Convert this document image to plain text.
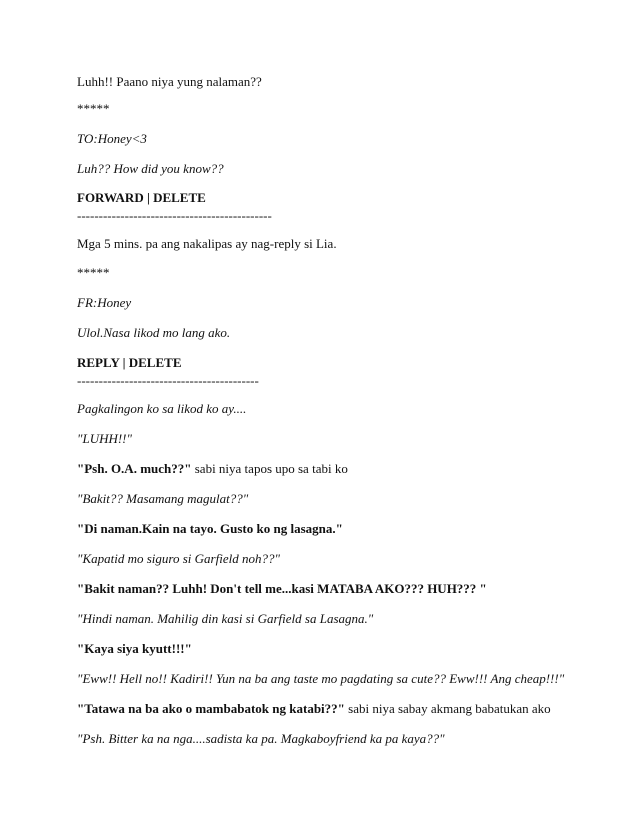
Luhh!! Paano niya yung nalaman??
*****
TO:Honey<3
Luh?? How did you know??
FORWARD | DELETE
---------------------------------------------
Mga 5 mins. pa ang nakalipas ay nag-reply si Lia.
*****
FR:Honey
Ulol.Nasa likod mo lang ako.
REPLY | DELETE
------------------------------------------
Pagkalingon ko sa likod ko ay....
"LUHH!!"
"Psh. O.A. much??" sabi niya tapos upo sa tabi ko
"Bakit?? Masamang magulat??"
"Di naman.Kain na tayo. Gusto ko ng lasagna."
"Kapatid mo siguro si Garfield noh??"
"Bakit naman?? Luhh! Don't tell me...kasi MATABA AKO??? HUH??? "
"Hindi naman. Mahilig din kasi si Garfield sa Lasagna."
"Kaya siya kyutt!!!"
"Eww!! Hell no!! Kadiri!! Yun na ba ang taste mo pagdating sa cute?? Eww!!! Ang cheap!!!"
"Tatawa na ba ako o mambabatok ng katabi??" sabi niya sabay akmang babatukan ako
"Psh. Bitter ka na nga....sadista ka pa. Magkaboyfriend ka pa kaya??"
